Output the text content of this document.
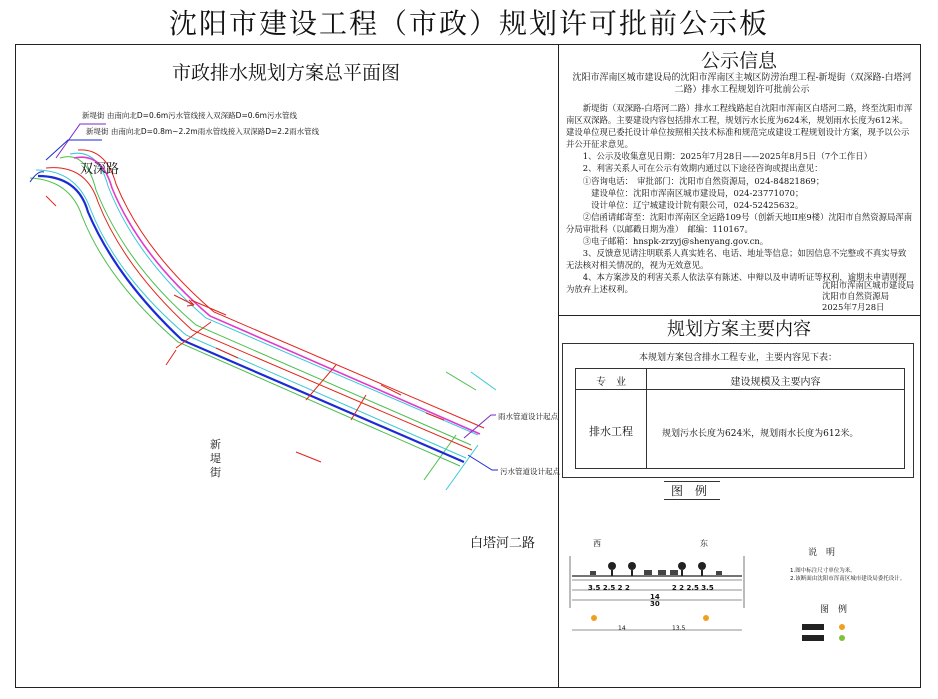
沈阳市建设工程（市政）规划许可批前公示板
市政排水规划方案总平面图
新堤街 由南向北D=0.6m污水管线接入双深路D=0.6m污水管线
新堤街 由南向北D=0.8m~2.2m雨水管线接入双深路D=2.2雨水管线
双深路
新
堤
街
白塔河二路
雨水管道设计起点
污水管道设计起点
公示信息
沈阳市浑南区城市建设局的沈阳市浑南区主城区防涝治理工程-新堤街（双深路-白塔河二路）排水工程规划许可批前公示

　　新堤街（双深路-白塔河二路）排水工程线路起自沈阳市浑南区白塔河二路，终至沈阳市浑南区双深路。主要建设内容包括排水工程，规划污水长度为624米，规划雨水长度为612米。建设单位现已委托设计单位按照相关技术标准和规范完成建设工程规划设计方案，现予以公示并公开征求意见。

　　1、公示及收集意见日期：2025年7月28日——2025年8月5日（7个工作日）

　　2、利害关系人可在公示有效期内通过以下途径咨询或提出意见：

　　①咨询电话：　审批部门：沈阳市自然资源局，024-84821869；

　　　建设单位：沈阳市浑南区城市建设局，024-23771070；

　　　设计单位：辽宁城建设计院有限公司，024-52425632。

　　②信函请邮寄至：沈阳市浑南区全运路109号（创新天地II座9楼）沈阳市自然资源局浑南分局审批科（以邮戳日期为准）　邮编：110167。

　　③电子邮箱：hnspk-zrzyj@shenyang.gov.cn。

　　3、反馈意见请注明联系人真实姓名、电话、地址等信息；如因信息不完整或不真实导致无法核对相关情况的，视为无效意见。

　　4、本方案涉及的利害关系人依法享有陈述、申辩以及申请听证等权利，逾期未申请则视为放弃上述权利。	沈阳市浑南区城市建设局
沈阳市自然资源局
2025年7月28日
规划方案主要内容
本规划方案包含排水工程专业，主要内容见下表：
专　业	建设规模及主要内容
排水工程	规划污水长度为624米，规划雨水长度为612米。
图　例
西	东
3.5 2.5 2 2　　　　　　2 2 2.5 3.5
14
30
14	13.5
说　明
1.图中标注尺寸单位为米。
2.该断面由沈阳市浑南区城市建设局委托设计。
图　例
